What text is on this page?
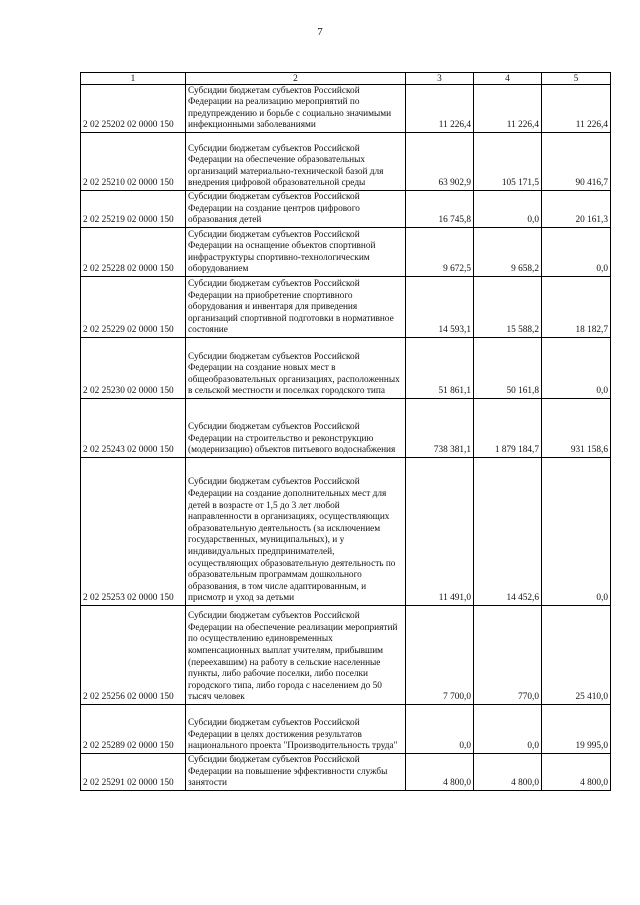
7
1	2	3	4	5
2 02 25202 02 0000 150	Субсидии бюджетам субъектов Российской Федерации на реализацию мероприятий по предупреждению и борьбе с социально значимыми инфекционными заболеваниями	11 226,4	11 226,4	11 226,4
2 02 25210 02 0000 150	Субсидии бюджетам субъектов Российской Федерации на обеспечение образовательных организаций материально-технической базой для внедрения цифровой образовательной среды	63 902,9	105 171,5	90 416,7
2 02 25219 02 0000 150	Субсидии бюджетам субъектов Российской Федерации на создание центров цифрового образования детей	16 745,8	0,0	20 161,3
2 02 25228 02 0000 150	Субсидии бюджетам субъектов Российской Федерации на оснащение объектов спортивной инфраструктуры спортивно-технологическим оборудованием	9 672,5	9 658,2	0,0
2 02 25229 02 0000 150	Субсидии бюджетам субъектов Российской Федерации на приобретение спортивного оборудования и инвентаря для приведения организаций спортивной подготовки в нормативное состояние	14 593,1	15 588,2	18 182,7
2 02 25230 02 0000 150	Субсидии бюджетам субъектов Российской Федерации на создание новых мест в общеобразовательных организациях, расположенных в сельской местности и поселках городского типа	51 861,1	50 161,8	0,0
2 02 25243 02 0000 150	Субсидии бюджетам субъектов Российской Федерации на строительство и реконструкцию (модернизацию) объектов питьевого водоснабжения	738 381,1	1 879 184,7	931 158,6
2 02 25253 02 0000 150	Субсидии бюджетам субъектов Российской Федерации на создание дополнительных мест для детей в возрасте от 1,5 до 3 лет любой направленности в организациях, осуществляющих образовательную деятельность (за исключением государственных, муниципальных), и у индивидуальных предпринимателей, осуществляющих образовательную деятельность по образовательным программам дошкольного образования, в том числе адаптированным, и присмотр и уход за детьми	11 491,0	14 452,6	0,0
2 02 25256 02 0000 150	Субсидии бюджетам субъектов Российской Федерации на обеспечение реализации мероприятий по осуществлению единовременных компенсационных выплат учителям, прибывшим (переехавшим) на работу в сельские населенные пункты, либо рабочие поселки, либо поселки городского типа, либо города с населением до 50 тысяч человек	7 700,0	770,0	25 410,0
2 02 25289 02 0000 150	Субсидии бюджетам субъектов Российской Федерации в целях достижения результатов национального проекта "Производительность труда"	0,0	0,0	19 995,0
2 02 25291 02 0000 150	Субсидии бюджетам субъектов Российской Федерации на повышение эффективности службы занятости	4 800,0	4 800,0	4 800,0
